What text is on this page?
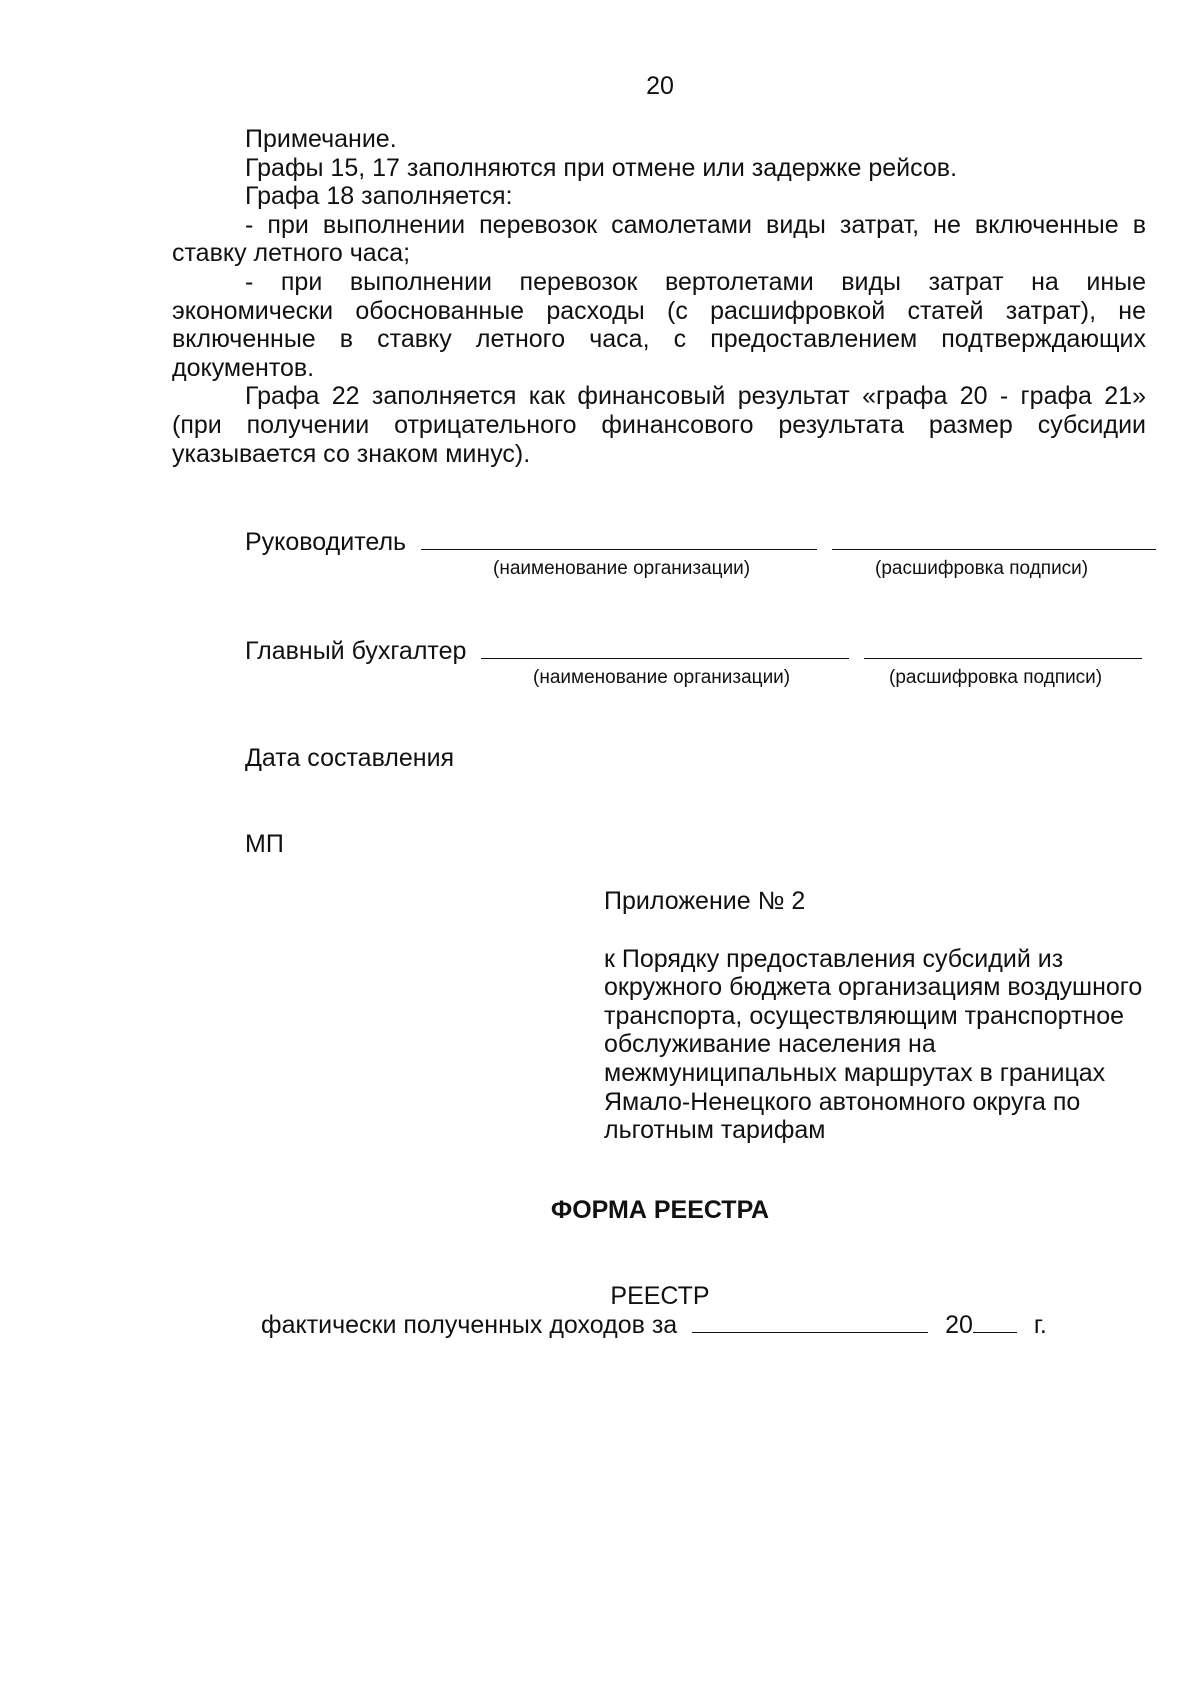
20

Примечание.

Графы 15, 17 заполняются при отмене или задержке рейсов.

Графа 18 заполняется:

- при выполнении перевозок самолетами виды затрат, не включенные в ставку летного часа;

- при выполнении перевозок вертолетами виды затрат на иные экономически обоснованные расходы (с расшифровкой статей затрат), не включенные в ставку летного часа, с предоставлением подтверждающих документов.

Графа 22 заполняется как финансовый результат «графа 20 - графа 21» (при получении отрицательного финансового результата размер субсидии указывается со знаком минус).

Руководитель
(наименование организации)	(расшифровка подписи)
Главный бухгалтер
(наименование организации)	(расшифровка подписи)
Дата составления
МП

Приложение № 2

к Порядку предоставления субсидий из окружного бюджета организациям воздушного транспорта, осуществляющим транспортное обслуживание населения на межмуниципальных маршрутах в границах Ямало-Ненецкого автономного округа по льготным тарифам

ФОРМА РЕЕСТРА
РЕЕСТР
фактически полученных доходов за	20 г.
